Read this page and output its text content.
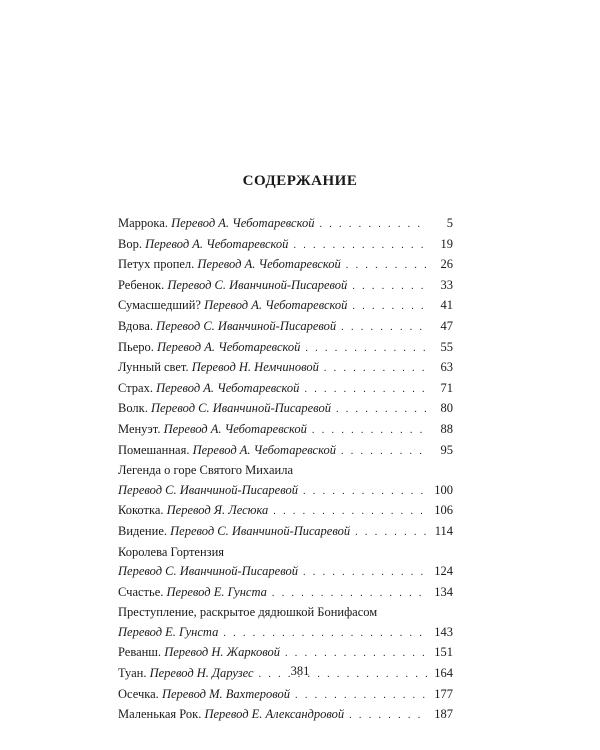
СОДЕРЖАНИЕ
Маррока. Перевод А. Чеботаревской . . .	5
Вор. Перевод А. Чеботаревской . . .	19
Петух пропел. Перевод А. Чеботаревской . . .	26
Ребенок. Перевод С. Иванчиной-Писаревой . . .	33
Сумасшедший? Перевод А. Чеботаревской . . .	41
Вдова. Перевод С. Иванчиной-Писаревой . . .	47
Пьеро. Перевод А. Чеботаревской . . .	55
Лунный свет. Перевод Н. Немчиновой . . .	63
Страх. Перевод А. Чеботаревской . . .	71
Волк. Перевод С. Иванчиной-Писаревой . . .	80
Менуэт. Перевод А. Чеботаревской . . .	88
Помешанная. Перевод А. Чеботаревской . . .	95
Легенда о горе Святого Михаила
Перевод С. Иванчиной-Писаревой . . .	100
Кокотка. Перевод Я. Лесюка . . .	106
Видение. Перевод С. Иванчиной-Писаревой . . .	114
Королева Гортензия
Перевод С. Иванчиной-Писаревой . . .	124
Счастье. Перевод Е. Гунста . . .	134
Преступление, раскрытое дядюшкой Бонифасом
Перевод Е. Гунста . . .	143
Реванш. Перевод Н. Жарковой . . .	151
Туан. Перевод Н. Дарузес . . .	164
Осечка. Перевод М. Вахтеровой . . .	177
Маленькая Рок. Перевод Е. Александровой . . .	187
381
